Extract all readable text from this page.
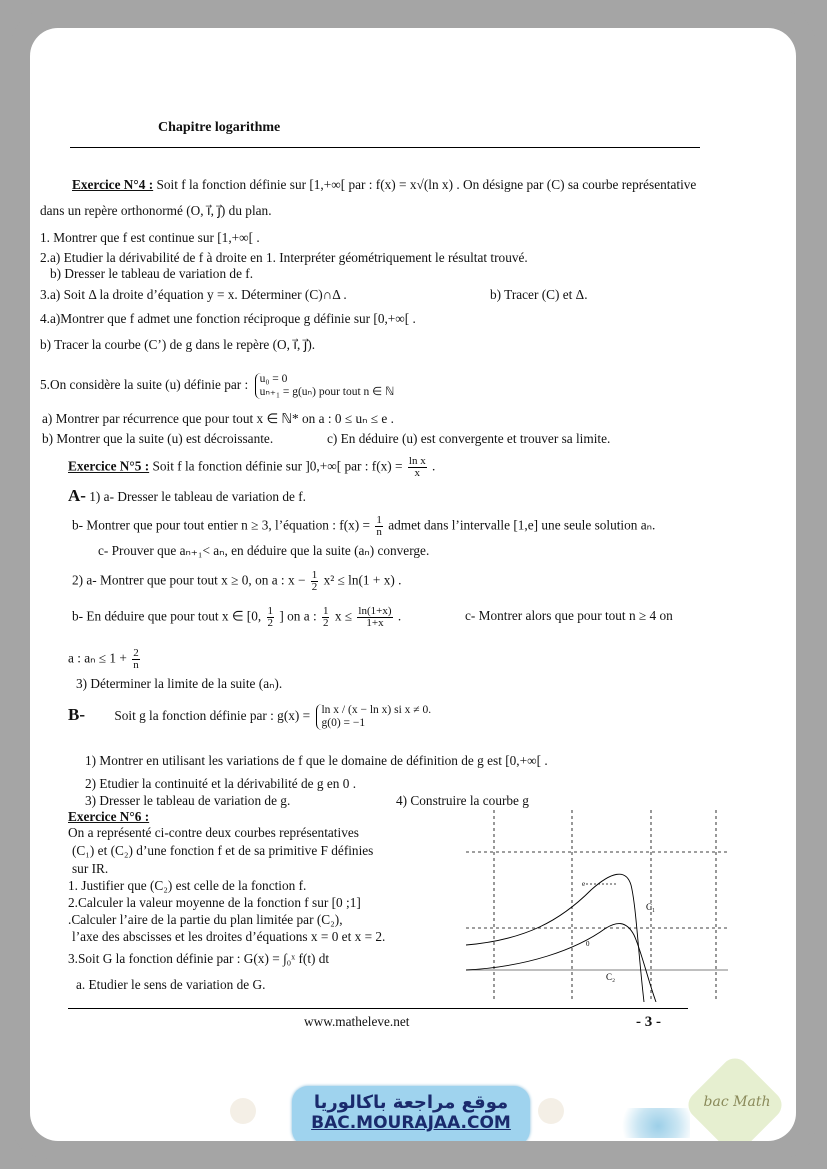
Chapitre logarithme
Exercice N°4 : Soit f la fonction définie sur [1,+∞[ par : f(x) = x√(ln x) . On désigne par (C) sa courbe représentative
dans un repère orthonormé (O, i⃗, j⃗) du plan.
1. Montrer que f est continue sur [1,+∞[ .
2.a) Etudier la dérivabilité de f à droite en 1. Interpréter géométriquement le résultat trouvé.
b) Dresser le tableau de variation de f.
3.a) Soit Δ la droite d’équation y = x. Déterminer (C)∩Δ .	b) Tracer (C) et Δ.
4.a)Montrer que f admet une fonction réciproque g définie sur [0,+∞[ .
b) Tracer la courbe (C’) de g dans le repère (O, i⃗, j⃗).
5.On considère la suite (u) définie par : u₀ = 0
uₙ₊₁ = g(uₙ) pour tout n ∈ ℕ
a) Montrer par récurrence que pour tout x ∈ ℕ* on a : 0 ≤ uₙ ≤ e .
b) Montrer que la suite (u) est décroissante.	c) En déduire (u) est convergente et trouver sa limite.
Exercice N°5 : Soit f la fonction définie sur ]0,+∞[ par : $f(x) = \frac{\text{ln x}}{x}$ .
A- 1) a- Dresser le tableau de variation de f.
b- Montrer que pour tout entier n ≥ 3, l’équation : $f(x) = \frac{1}{n}$ admet dans l’intervalle [1,e] une seule solution aₙ.
c- Prouver que aₙ₊₁< aₙ, en déduire que la suite (aₙ) converge.
2) a- Montrer que pour tout x ≥ 0, on a : $x - \frac{1}{2} x^2 \le \ln(1 + x)$ .
b- En déduire que pour tout x ∈ [0, $\frac{1}{2}$ ] on a : $\frac{1}{2}$ $x \le \frac{\ln(1+x)}{1+x}$ .	c- Montrer alors que pour tout n ≥ 4 on
a : $a_n \le 1 + \frac{2}{n}$
3) Déterminer la limite de la suite (aₙ).
B- Soit g la fonction définie par : g(x) = ln x / (x − ln x) si x ≠ 0.
g(0) = −1
1) Montrer en utilisant les variations de f que le domaine de définition de g est [0,+∞[ .
2) Etudier la continuité et la dérivabilité de g en 0 .
3) Dresser le tableau de variation de g.	4) Construire la courbe g
Exercice N°6 :
On a représenté ci-contre deux courbes représentatives
(C₁) et (C₂) d’une fonction f et de sa primitive F définies
sur IR.
1. Justifier que (C₂) est celle de la fonction f.
2.Calculer la valeur moyenne de la fonction f sur [0 ;1]
.Calculer l’aire de la partie du plan limitée par (C₂),
l’axe des abscisses et les droites d’équations x = 0 et x = 2.
3.Soit G la fonction définie par : G(x) = ∫₀ˣ f(t) dt
a. Etudier le sens de variation de G.
C₁
C₂
e
0
www.matheleve.net	- 3 -
موقع مراجعة باكالوريا
BAC.MOURAJAA.COM
bac Math
